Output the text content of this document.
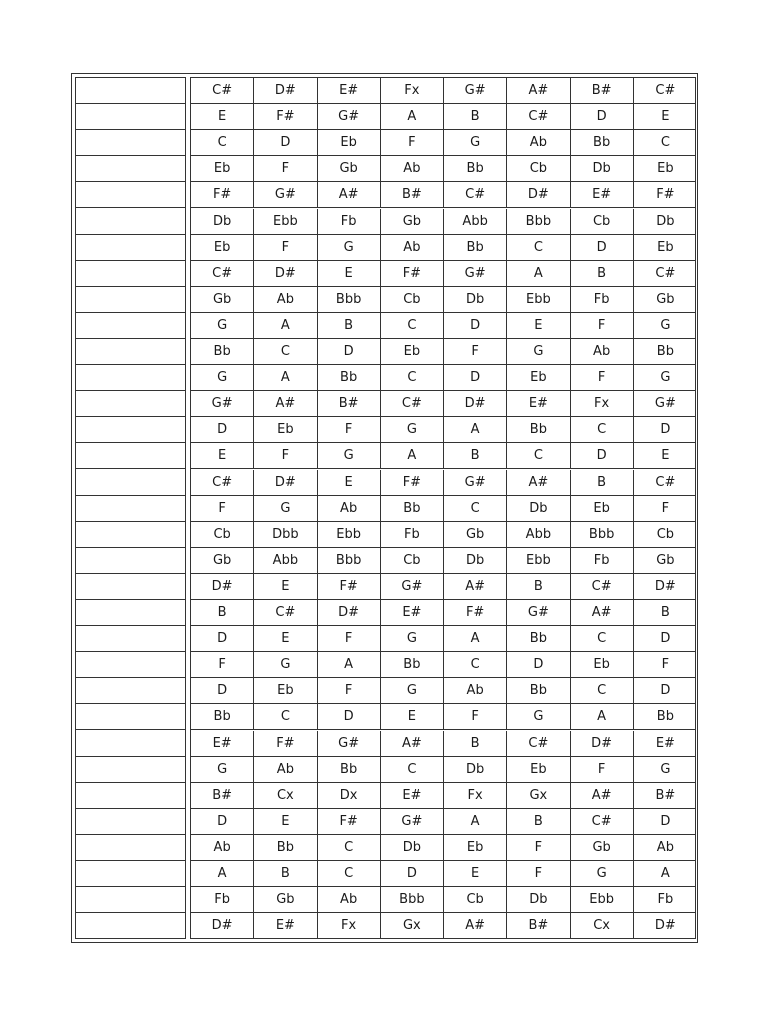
C#	D#	E#	Fx	G#	A#	B#	C#
E	F#	G#	A	B	C#	D	E
C	D	Eb	F	G	Ab	Bb	C
Eb	F	Gb	Ab	Bb	Cb	Db	Eb
F#	G#	A#	B#	C#	D#	E#	F#
Db	Ebb	Fb	Gb	Abb	Bbb	Cb	Db
Eb	F	G	Ab	Bb	C	D	Eb
C#	D#	E	F#	G#	A	B	C#
Gb	Ab	Bbb	Cb	Db	Ebb	Fb	Gb
G	A	B	C	D	E	F	G
Bb	C	D	Eb	F	G	Ab	Bb
G	A	Bb	C	D	Eb	F	G
G#	A#	B#	C#	D#	E#	Fx	G#
D	Eb	F	G	A	Bb	C	D
E	F	G	A	B	C	D	E
C#	D#	E	F#	G#	A#	B	C#
F	G	Ab	Bb	C	Db	Eb	F
Cb	Dbb	Ebb	Fb	Gb	Abb	Bbb	Cb
Gb	Abb	Bbb	Cb	Db	Ebb	Fb	Gb
D#	E	F#	G#	A#	B	C#	D#
B	C#	D#	E#	F#	G#	A#	B
D	E	F	G	A	Bb	C	D
F	G	A	Bb	C	D	Eb	F
D	Eb	F	G	Ab	Bb	C	D
Bb	C	D	E	F	G	A	Bb
E#	F#	G#	A#	B	C#	D#	E#
G	Ab	Bb	C	Db	Eb	F	G
B#	Cx	Dx	E#	Fx	Gx	A#	B#
D	E	F#	G#	A	B	C#	D
Ab	Bb	C	Db	Eb	F	Gb	Ab
A	B	C	D	E	F	G	A
Fb	Gb	Ab	Bbb	Cb	Db	Ebb	Fb
D#	E#	Fx	Gx	A#	B#	Cx	D#
